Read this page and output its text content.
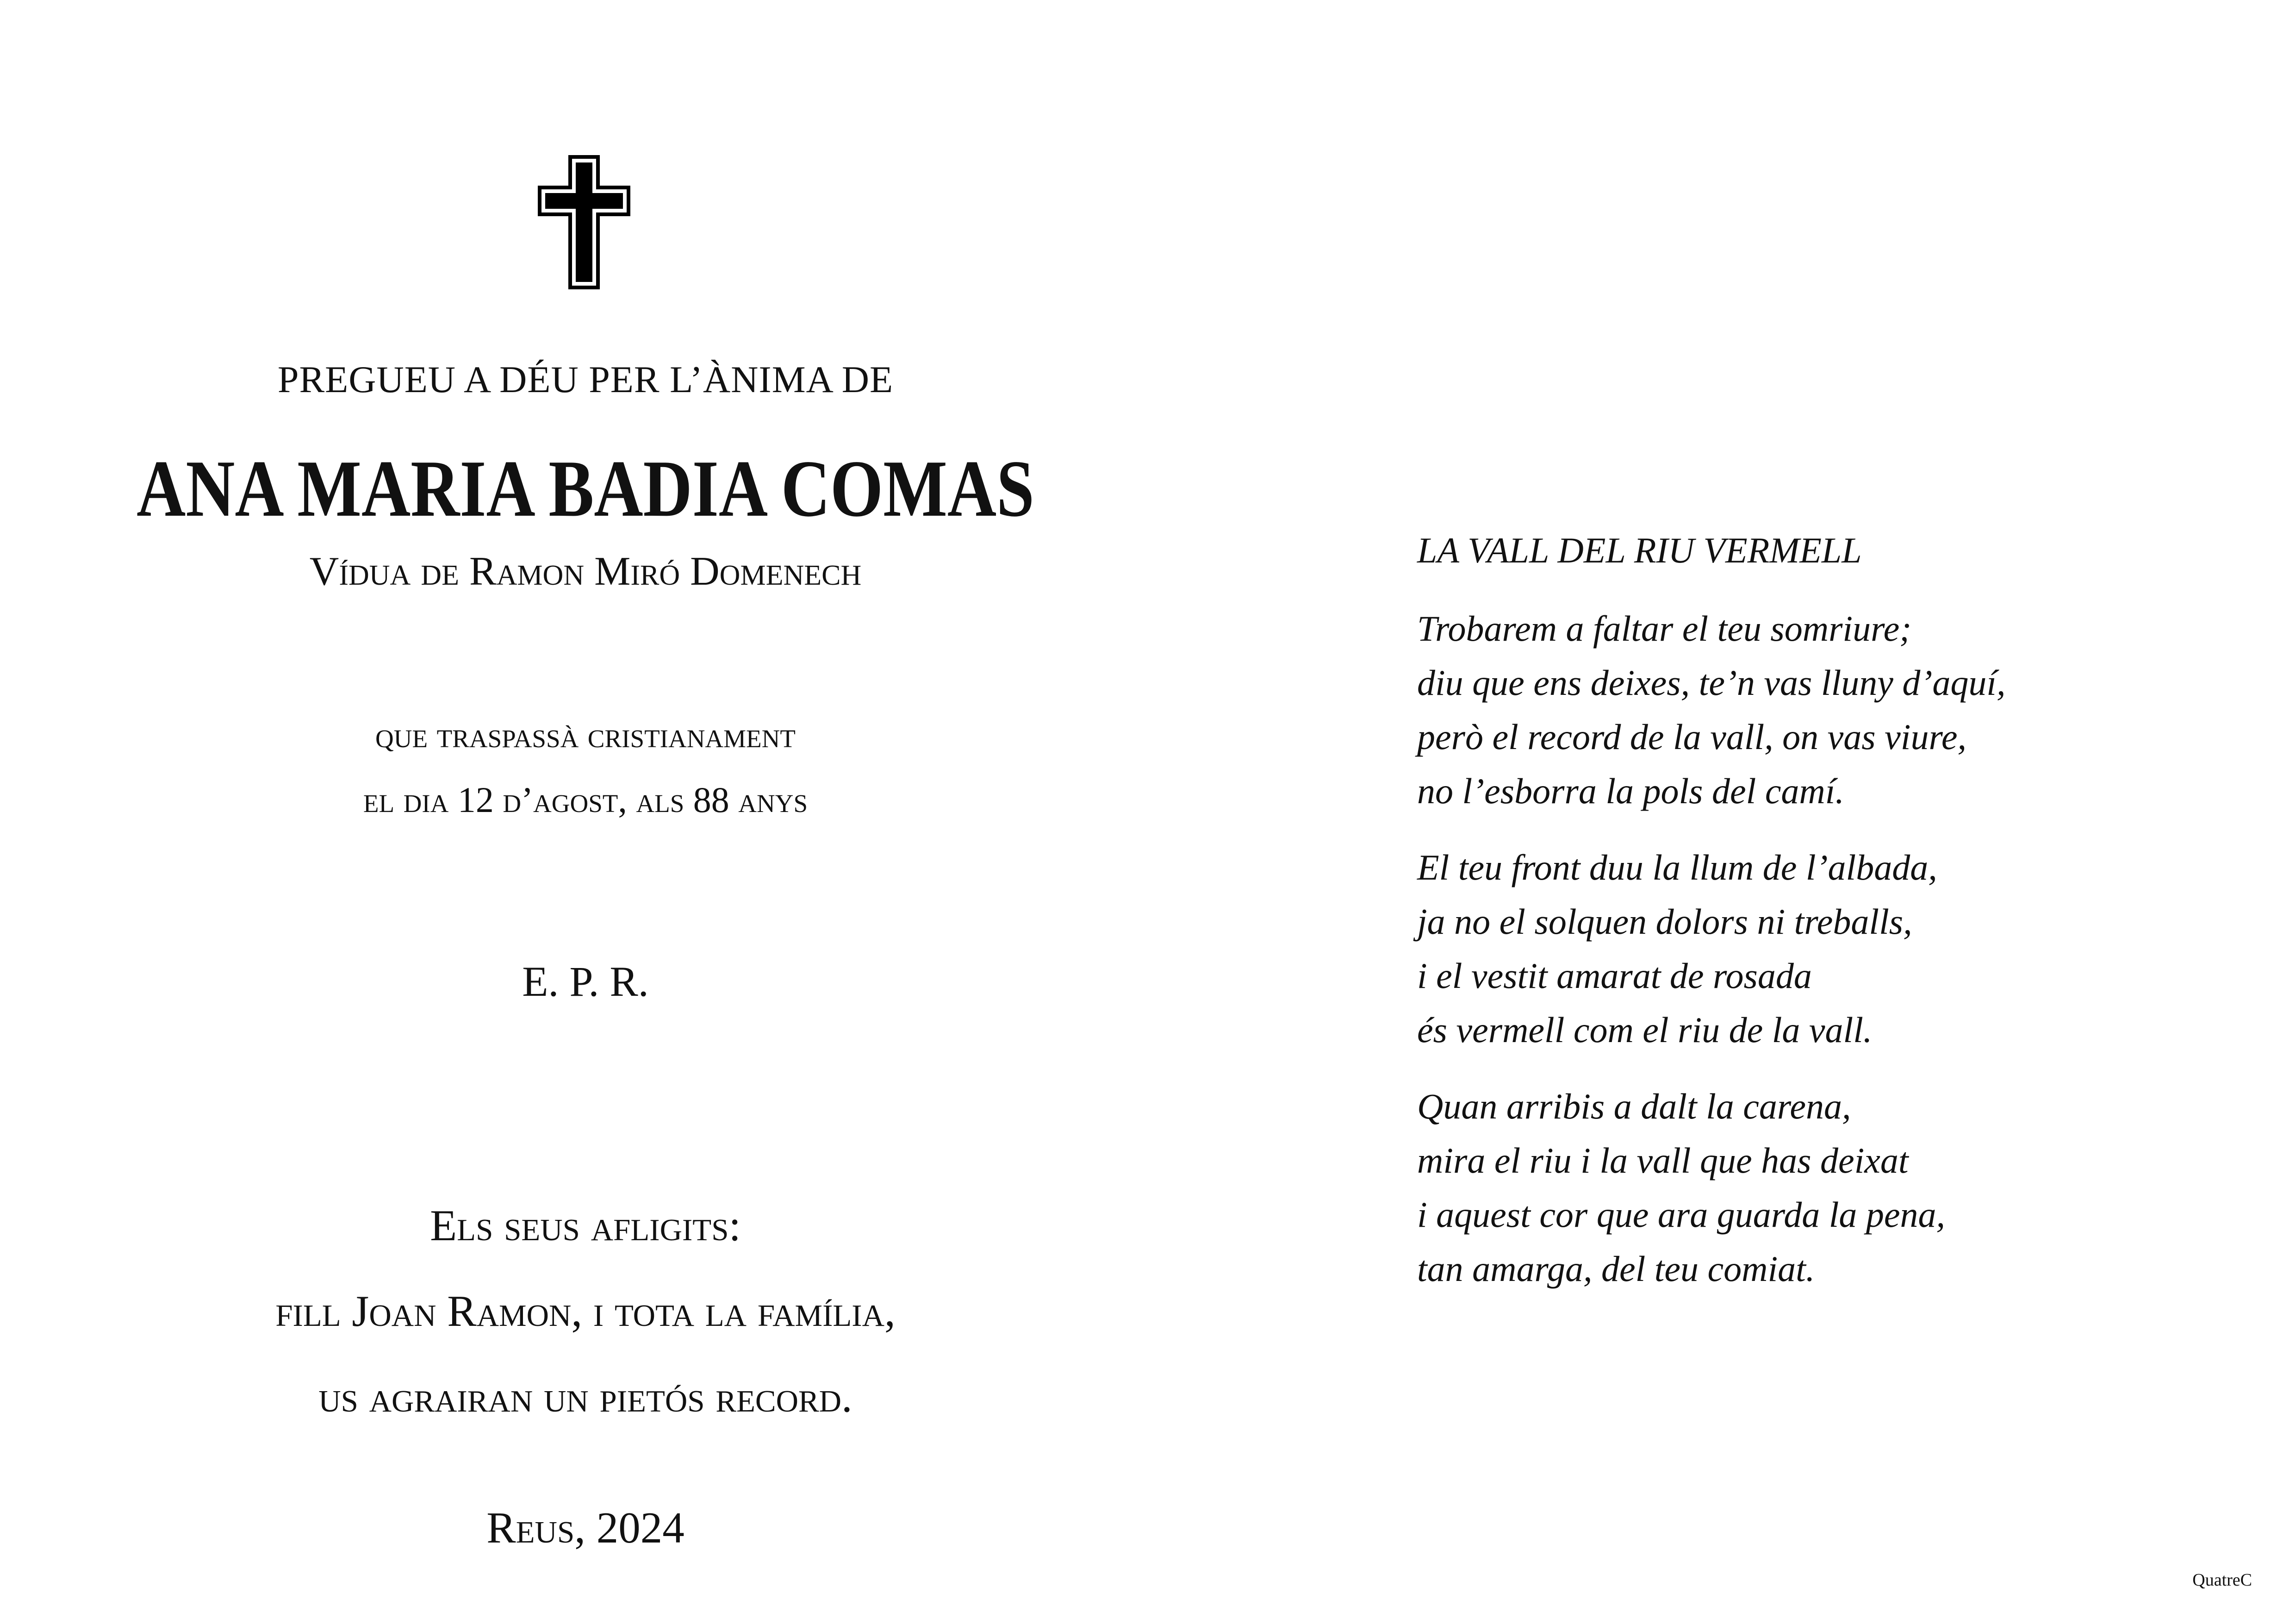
PREGUEU A DÉU PER L’ÀNIMA DE
ANA MARIA BADIA COMAS
Vídua de Ramon Miró Domenech
que traspassà cristianament
el dia 12 d’agost, als 88 anys
E. P. R.
Els seus afligits:
fill Joan Ramon, i tota la família,
us agrairan un pietós record.
Reus, 2024
LA VALL DEL RIU VERMELL
Trobarem a faltar el teu somriure;
diu que ens deixes, te’n vas lluny d’aquí,
però el record de la vall, on vas viure,
no l’esborra la pols del camí.
El teu front duu la llum de l’albada,
ja no el solquen dolors ni treballs,
i el vestit amarat de rosada
és vermell com el riu de la vall.
Quan arribis a dalt la carena,
mira el riu i la vall que has deixat
i aquest cor que ara guarda la pena,
tan amarga, del teu comiat.
QuatreC
